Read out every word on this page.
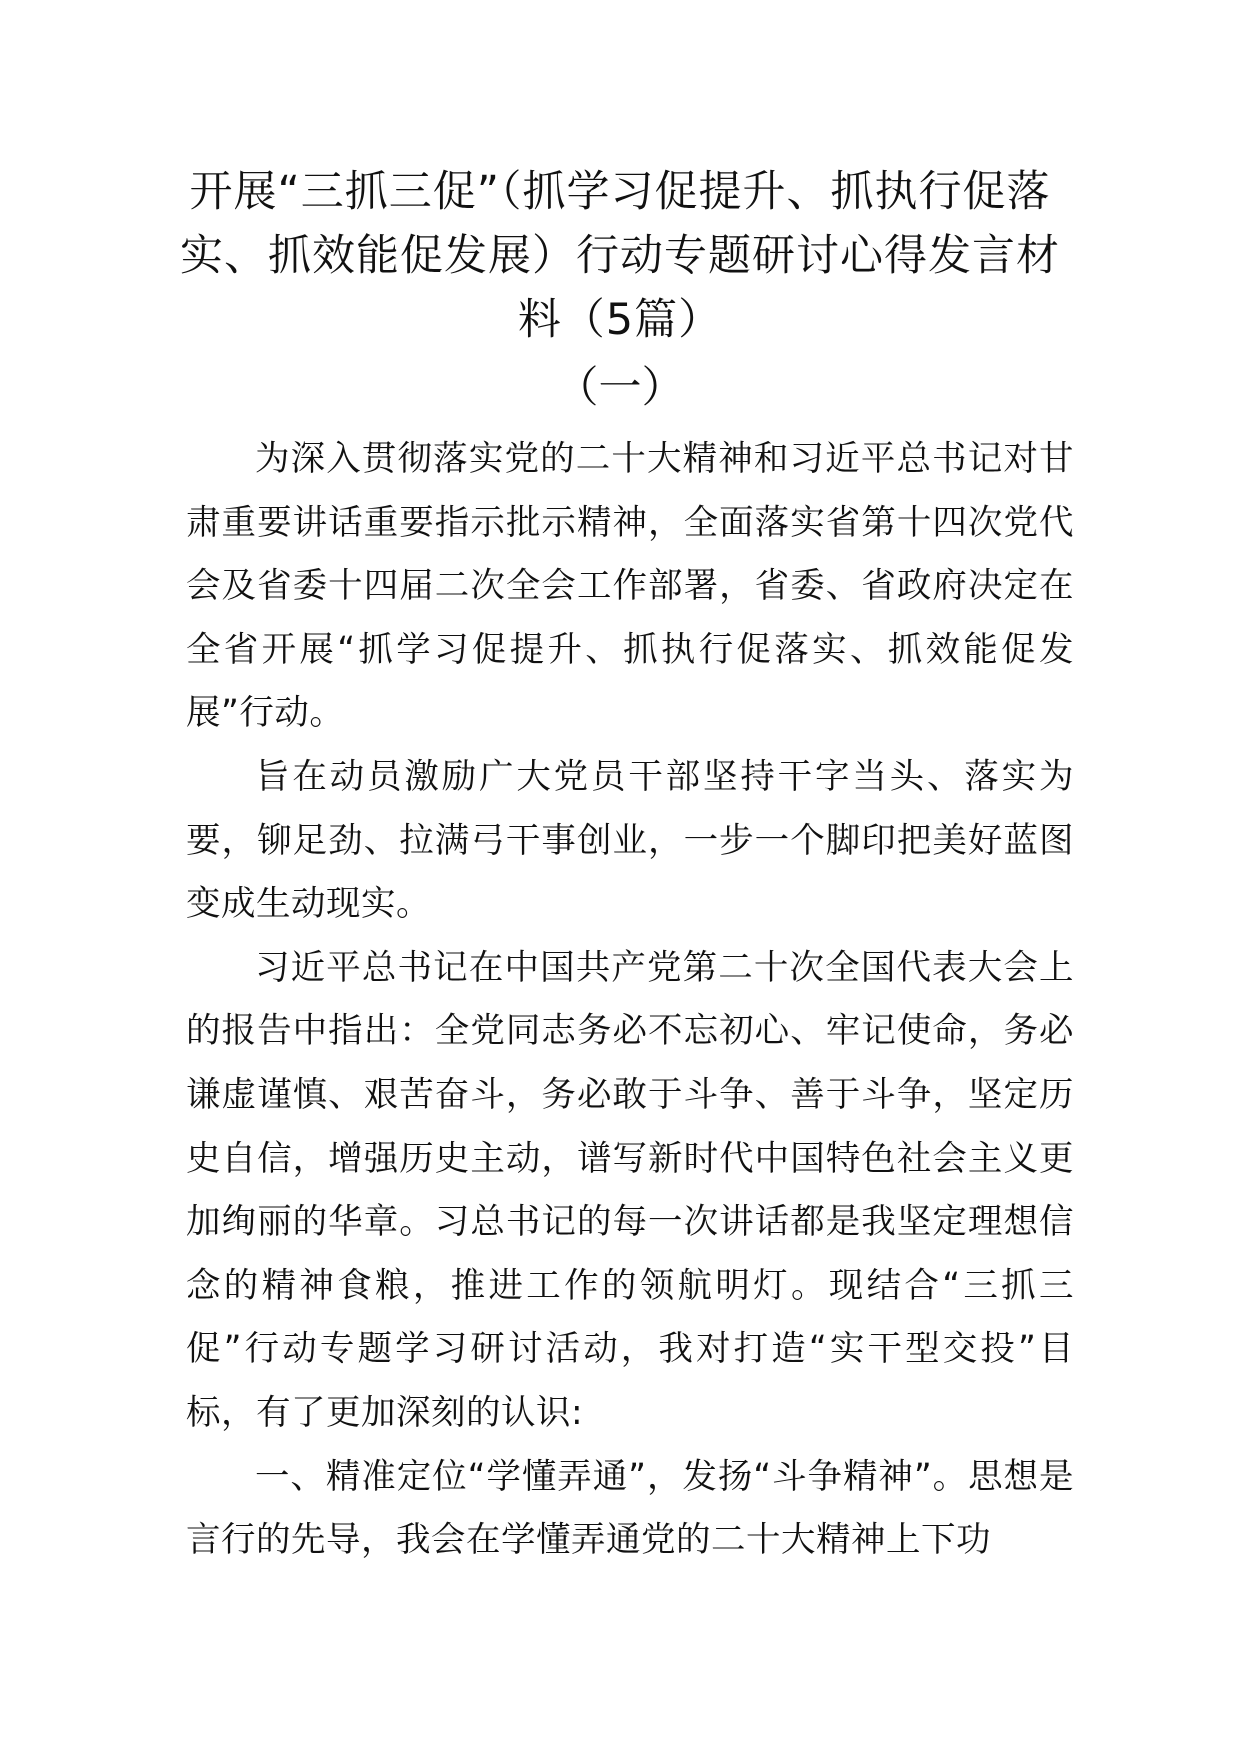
开展“三抓三促”（抓学习促提升、抓执行促落实、抓效能促发展）行动专题研讨心得发言材料（5篇）
（一）

为深入贯彻落实党的二十大精神和习近平总书记对甘肃重要讲话重要指示批示精神，全面落实省第十四次党代会及省委十四届二次全会工作部署，省委、省政府决定在全省开展“抓学习促提升、抓执行促落实、抓效能促发展”行动。

旨在动员激励广大党员干部坚持干字当头、落实为要，铆足劲、拉满弓干事创业，一步一个脚印把美好蓝图变成生动现实。

习近平总书记在中国共产党第二十次全国代表大会上的报告中指出：全党同志务必不忘初心、牢记使命，务必谦虚谨慎、艰苦奋斗，务必敢于斗争、善于斗争，坚定历史自信，增强历史主动，谱写新时代中国特色社会主义更加绚丽的华章。习总书记的每一次讲话都是我坚定理想信念的精神食粮，推进工作的领航明灯。现结合“三抓三促”行动专题学习研讨活动，我对打造“实干型交投”目标，有了更加深刻的认识:

一、精准定位“学懂弄通”，发扬“斗争精神”。思想是言行的先导，我会在学懂弄通党的二十大精神上下功
